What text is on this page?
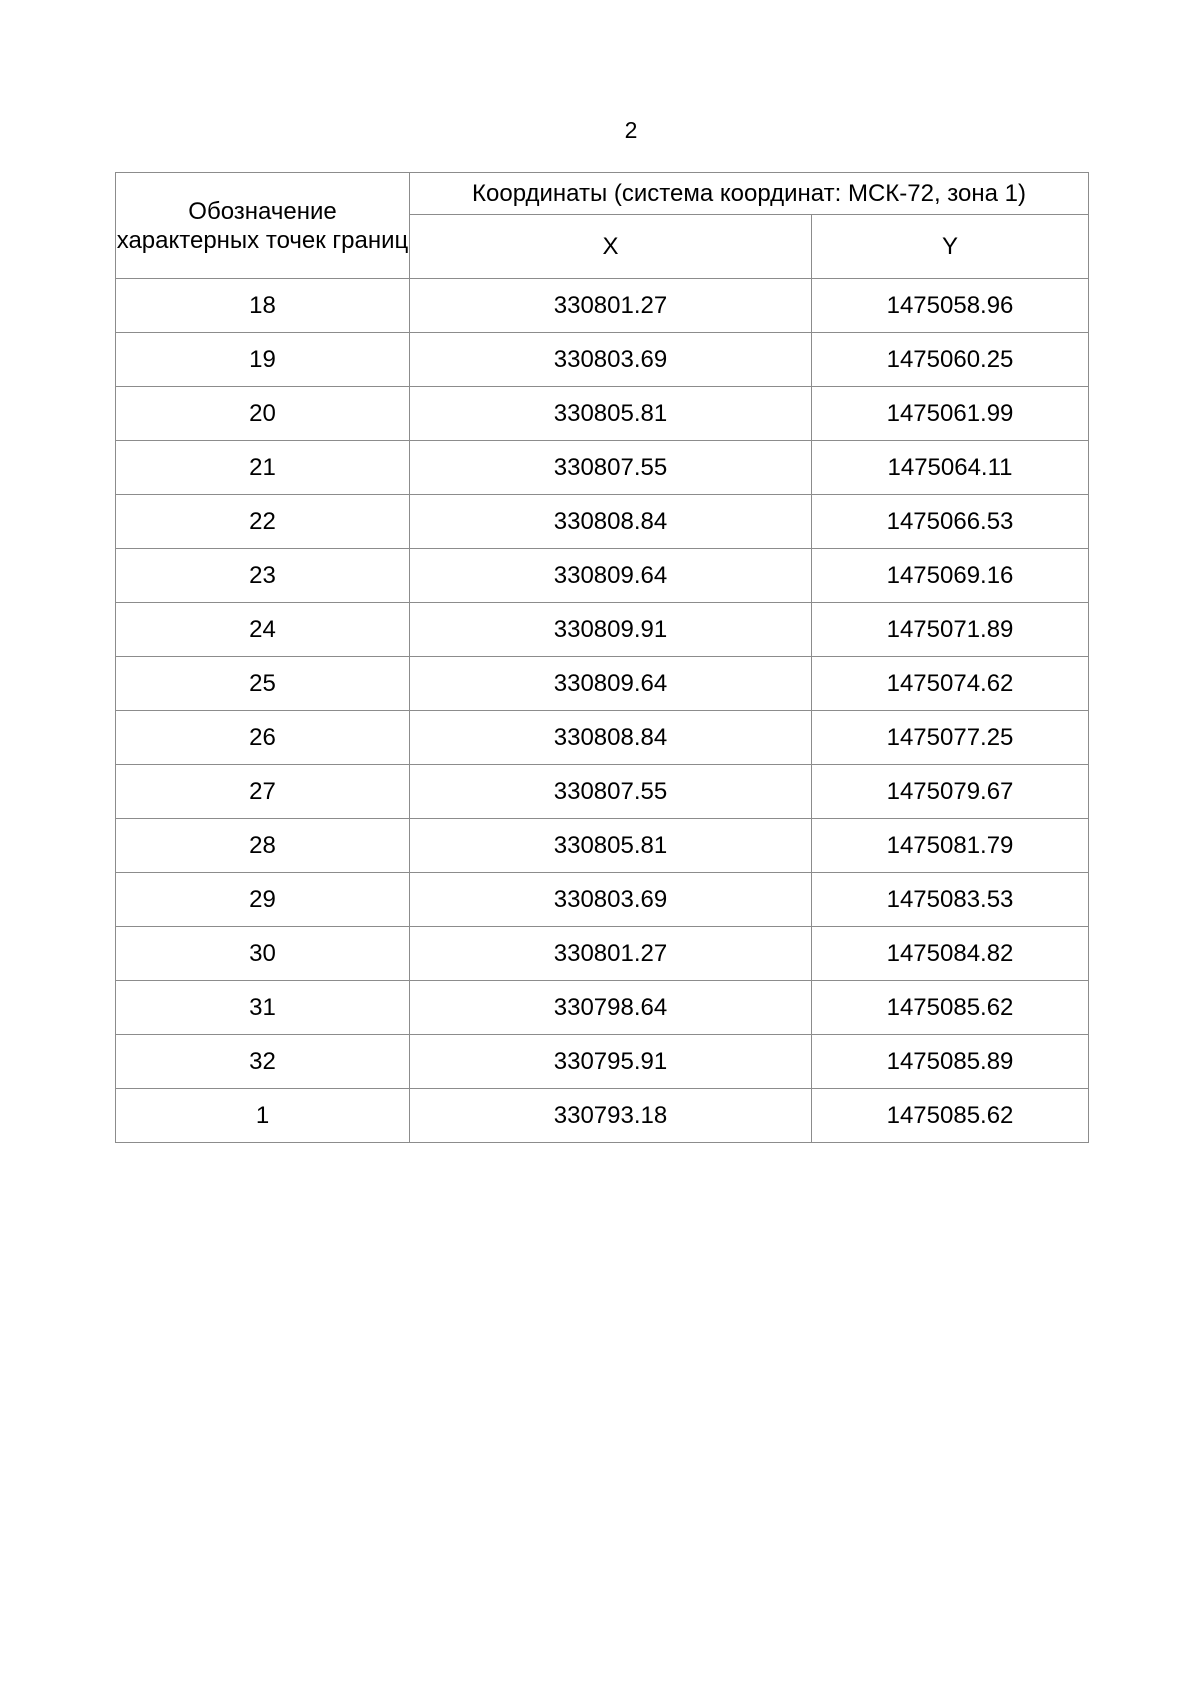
2
Обозначение характерных точек границ	Координаты (система координат: МСК-72, зона 1)	
	X	Y
18	330801.27	1475058.96
19	330803.69	1475060.25
20	330805.81	1475061.99
21	330807.55	1475064.11
22	330808.84	1475066.53
23	330809.64	1475069.16
24	330809.91	1475071.89
25	330809.64	1475074.62
26	330808.84	1475077.25
27	330807.55	1475079.67
28	330805.81	1475081.79
29	330803.69	1475083.53
30	330801.27	1475084.82
31	330798.64	1475085.62
32	330795.91	1475085.89
1	330793.18	1475085.62
